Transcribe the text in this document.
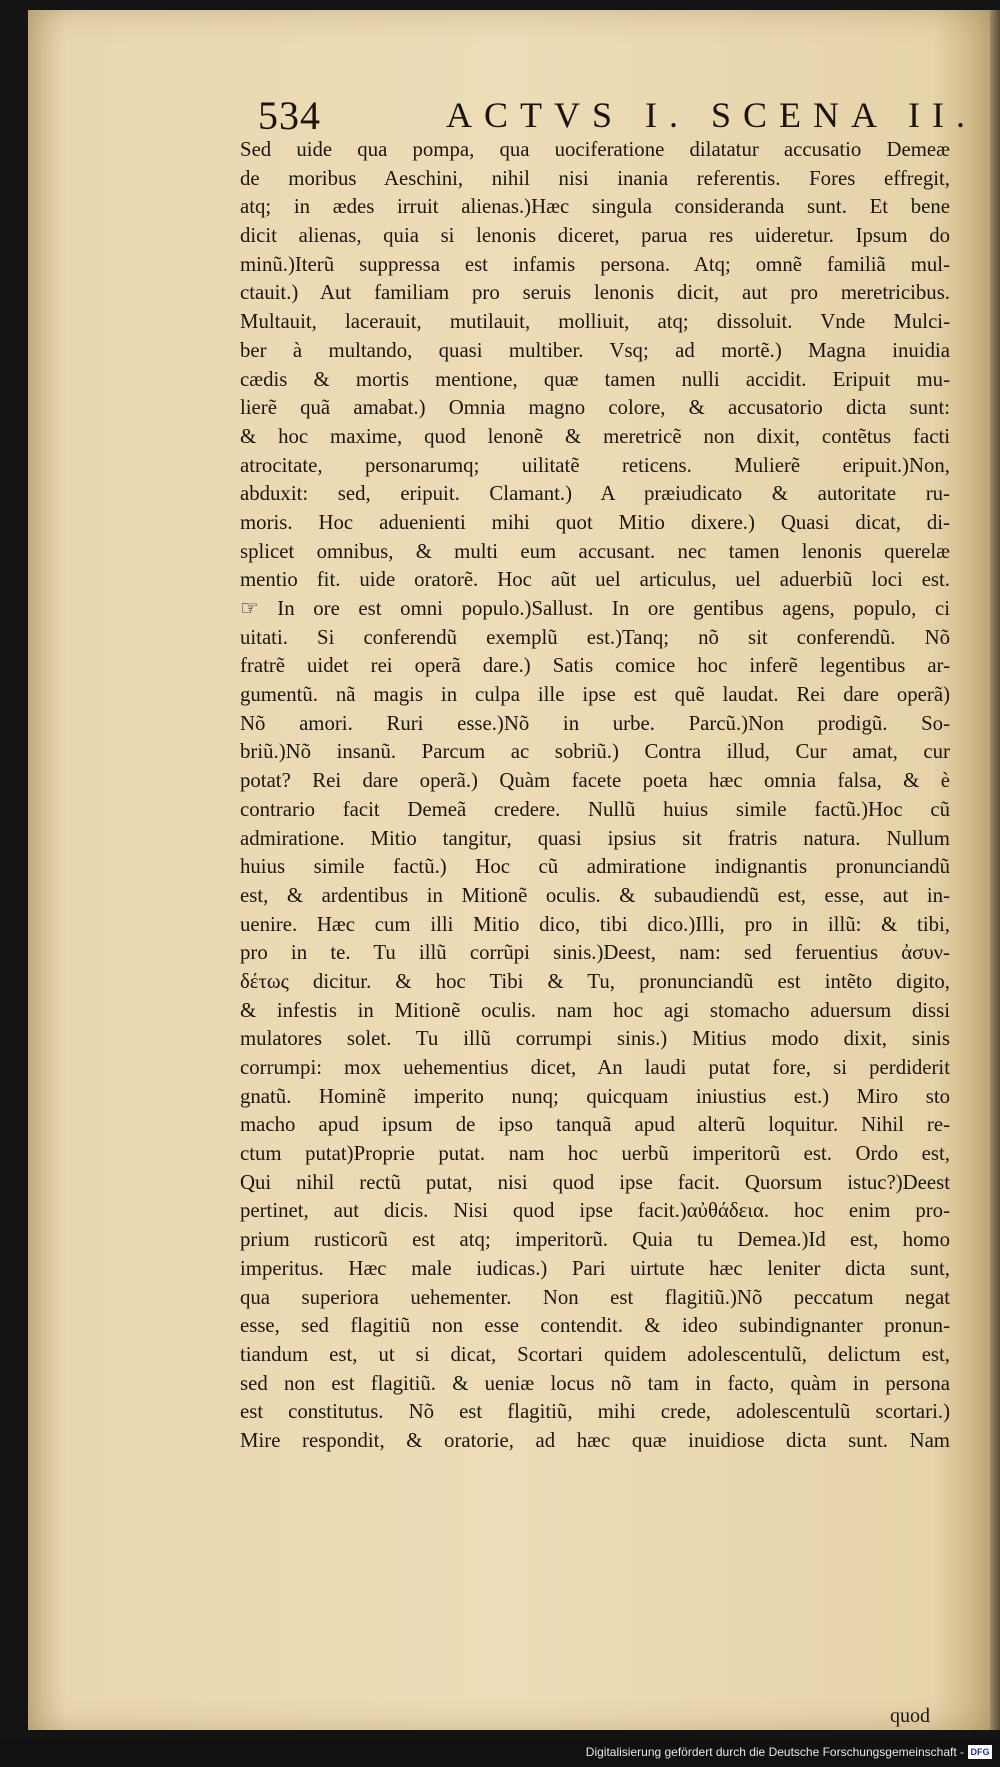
534	ACTVS I. SCENA II.
Sed uide qua pompa, qua uociferatione dilatatur accusatio Demeæ
de moribus Aeschini, nihil nisi inania referentis. Fores effregit,
atq; in ædes irruit alienas.)Hæc singula consideranda sunt. Et bene
dicit alienas, quia si lenonis diceret, parua res uideretur. Ipsum do
minũ.)Iterũ suppressa est infamis persona. Atq; omnẽ familiã mul-
ctauit.) Aut familiam pro seruis lenonis dicit, aut pro meretricibus.
Multauit, lacerauit, mutilauit, molliuit, atq; dissoluit. Vnde Mulci-
ber à multando, quasi multiber. Vsq; ad mortẽ.) Magna inuidia
cædis & mortis mentione, quæ tamen nulli accidit. Eripuit mu-
lierẽ quã amabat.) Omnia magno colore, & accusatorio dicta sunt:
& hoc maxime, quod lenonẽ & meretricẽ non dixit, contẽtus facti
atrocitate, personarumq; uilitatẽ reticens. Mulierẽ eripuit.)Non,
abduxit: sed, eripuit. Clamant.) A præiudicato & autoritate ru-
moris. Hoc aduenienti mihi quot Mitio dixere.) Quasi dicat, di-
splicet omnibus, & multi eum accusant. nec tamen lenonis querelæ
mentio fit. uide oratorẽ. Hoc aũt uel articulus, uel aduerbiũ loci est.
☞ In ore est omni populo.)Sallust. In ore gentibus agens, populo, ci
uitati. Si conferendũ exemplũ est.)Tanq; nõ sit conferendũ. Nõ
fratrẽ uidet rei operã dare.) Satis comice hoc inferẽ legentibus ar-
gumentũ. nã magis in culpa ille ipse est quẽ laudat. Rei dare operã)
Nõ amori. Ruri esse.)Nõ in urbe. Parcũ.)Non prodigũ. So-
briũ.)Nõ insanũ. Parcum ac sobriũ.) Contra illud, Cur amat, cur
potat? Rei dare operã.) Quàm facete poeta hæc omnia falsa, & è
contrario facit Demeã credere. Nullũ huius simile factũ.)Hoc cũ
admiratione. Mitio tangitur, quasi ipsius sit fratris natura. Nullum
huius simile factũ.) Hoc cũ admiratione indignantis pronunciandũ
est, & ardentibus in Mitionẽ oculis. & subaudiendũ est, esse, aut in-
uenire. Hæc cum illi Mitio dico, tibi dico.)Illi, pro in illũ: & tibi,
pro in te. Tu illũ corrũpi sinis.)Deest, nam: sed feruentius ἀσυν-
δέτως dicitur. & hoc Tibi & Tu, pronunciandũ est intẽto digito,
& infestis in Mitionẽ oculis. nam hoc agi stomacho aduersum dissi
mulatores solet. Tu illũ corrumpi sinis.) Mitius modo dixit, sinis
corrumpi: mox uehementius dicet, An laudi putat fore, si perdiderit
gnatũ. Hominẽ imperito nunq; quicquam iniustius est.) Miro sto
macho apud ipsum de ipso tanquã apud alterũ loquitur. Nihil re-
ctum putat)Proprie putat. nam hoc uerbũ imperitorũ est. Ordo est,
Qui nihil rectũ putat, nisi quod ipse facit. Quorsum istuc?)Deest
pertinet, aut dicis. Nisi quod ipse facit.)αὐθάδεια. hoc enim pro-
prium rusticorũ est atq; imperitorũ. Quia tu Demea.)Id est, homo
imperitus. Hæc male iudicas.) Pari uirtute hæc leniter dicta sunt,
qua superiora uehementer. Non est flagitiũ.)Nõ peccatum negat
esse, sed flagitiũ non esse contendit. & ideo subindignanter pronun-
tiandum est, ut si dicat, Scortari quidem adolescentulũ, delictum est,
sed non est flagitiũ. & ueniæ locus nõ tam in facto, quàm in persona
est constitutus. Nõ est flagitiũ, mihi crede, adolescentulũ scortari.)
Mire respondit, & oratorie, ad hæc quæ inuidiose dicta sunt. Nam
quod
Digitalisierung gefördert durch die Deutsche Forschungsgemeinschaft - DFG
